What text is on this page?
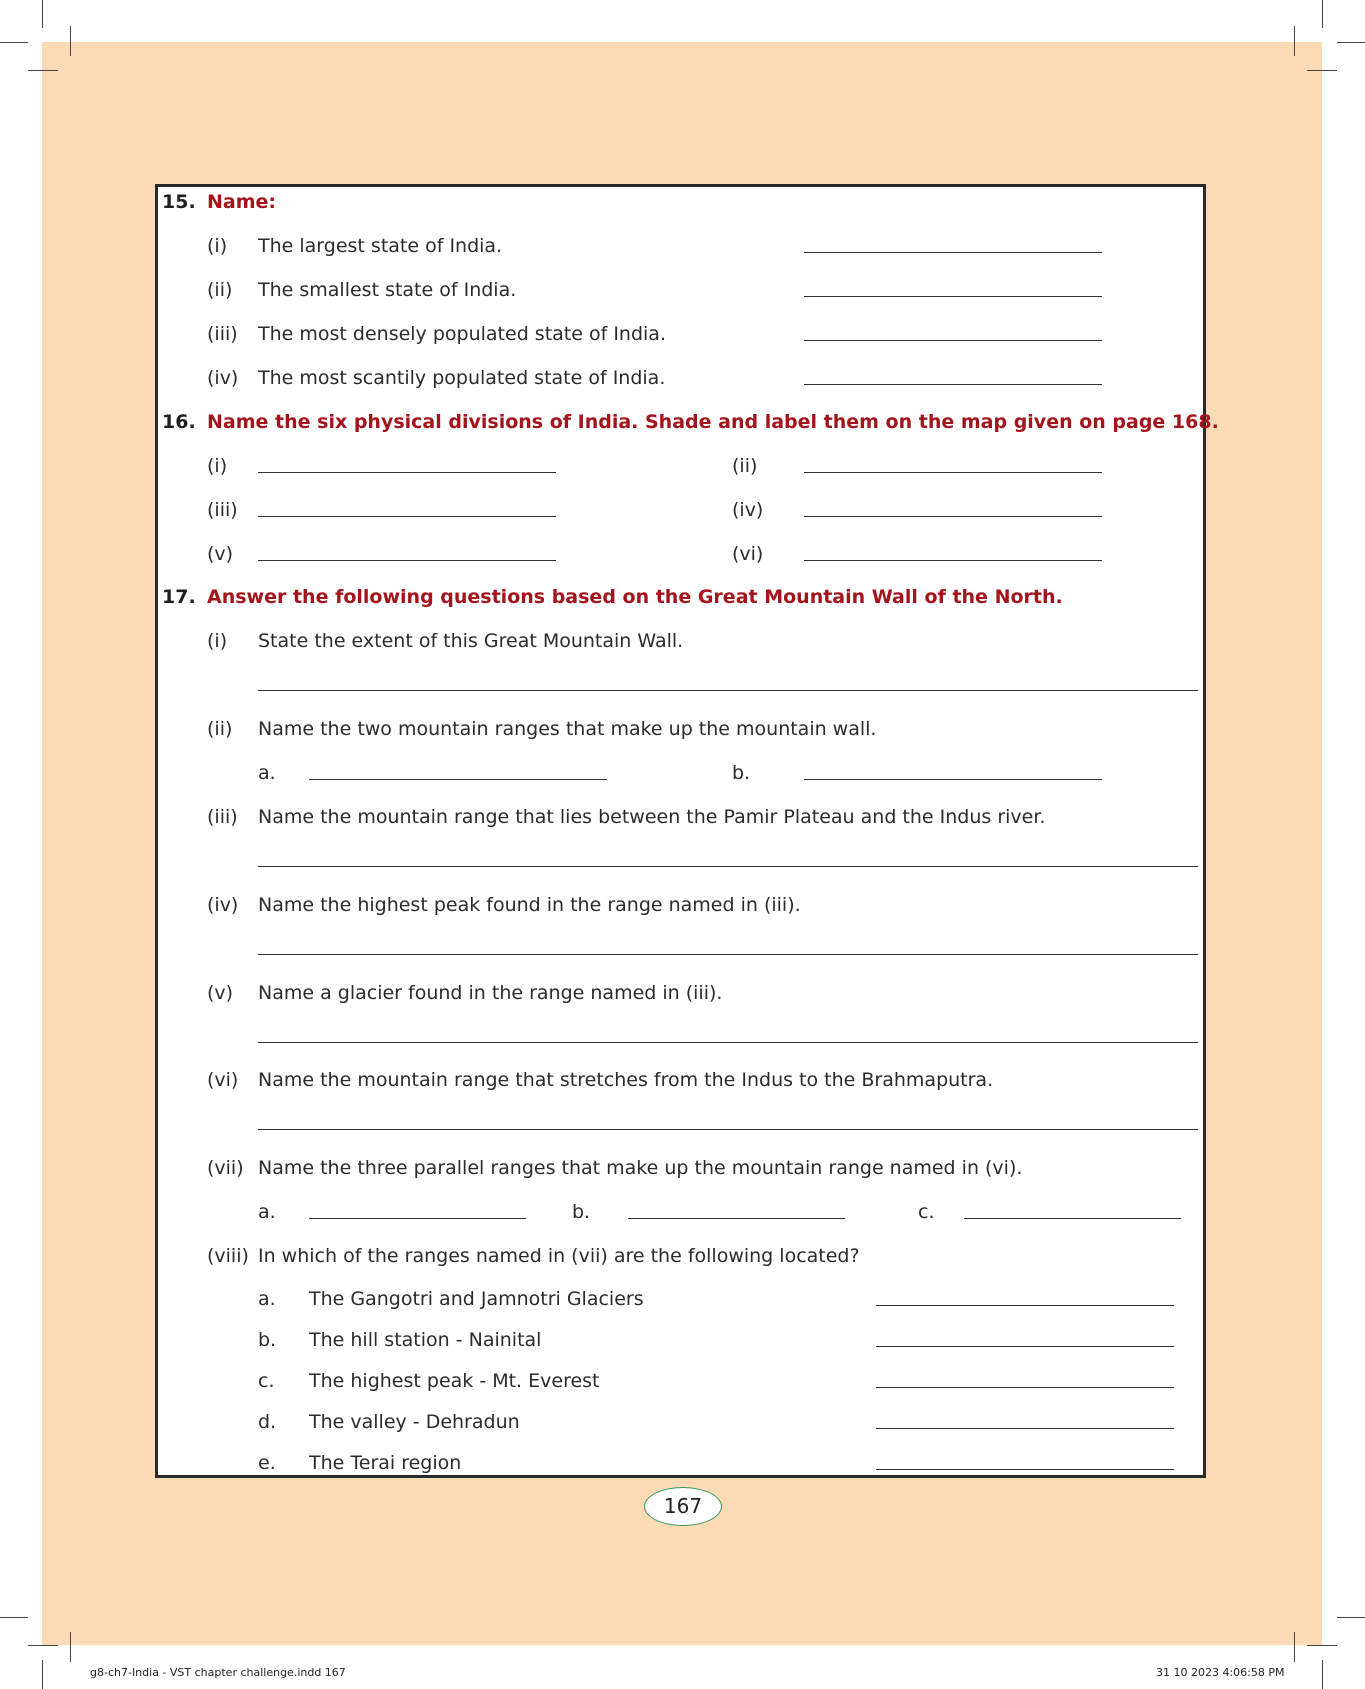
15. Name:
(i) The largest state of India.
(ii) The smallest state of India.
(iii) The most densely populated state of India.
(iv) The most scantily populated state of India.
16. Name the six physical divisions of India. Shade and label them on the map given on page 168.
(i)	(ii)
(iii)	(iv)
(v)	(vi)
17. Answer the following questions based on the Great Mountain Wall of the North.
(i) State the extent of this Great Mountain Wall.
(ii) Name the two mountain ranges that make up the mountain wall.
a.	b.
(iii) Name the mountain range that lies between the Pamir Plateau and the Indus river.
(iv) Name the highest peak found in the range named in (iii).
(v) Name a glacier found in the range named in (iii).
(vi) Name the mountain range that stretches from the Indus to the Brahmaputra.
(vii) Name the three parallel ranges that make up the mountain range named in (vi).
a.	b.	c.
(viii) In which of the ranges named in (vii) are the following located?
a. The Gangotri and Jamnotri Glaciers
b. The hill station - Nainital
c. The highest peak - Mt. Everest
d. The valley - Dehradun
e. The Terai region
167
g8-ch7-India - VST chapter challenge.indd 167	31 10 2023 4:06:58 PM
